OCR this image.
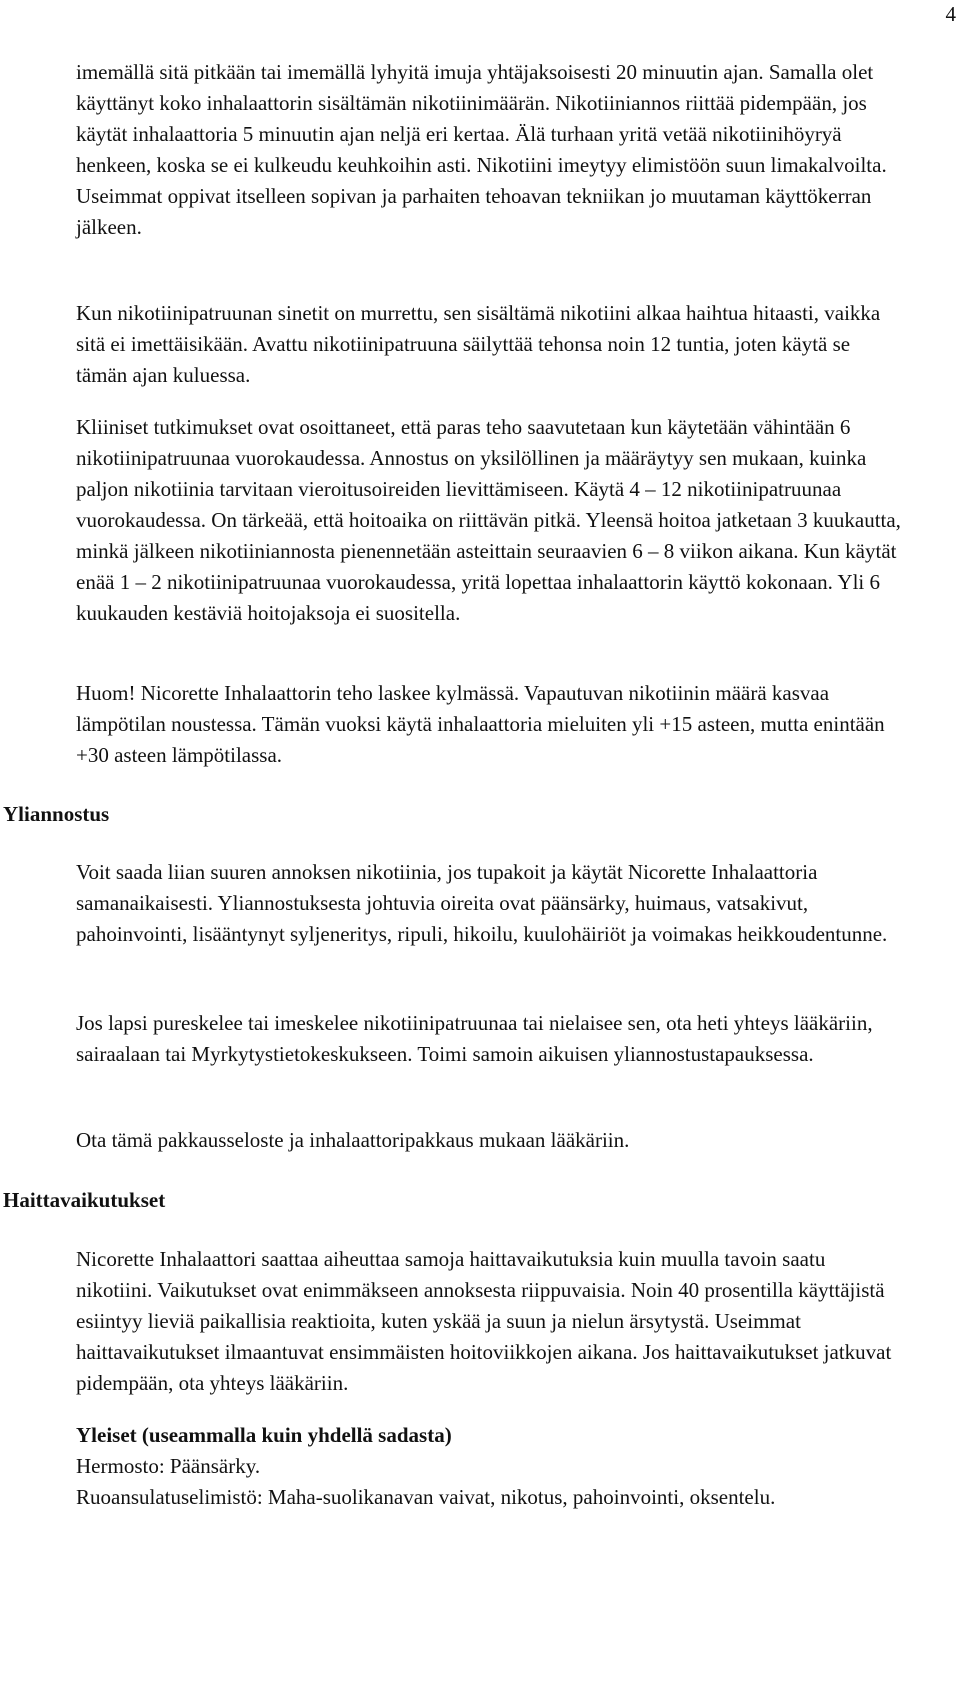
4

imemällä sitä pitkään tai imemällä lyhyitä imuja yhtäjaksoisesti 20 minuutin ajan. Samalla olet käyttänyt koko inhalaattorin sisältämän nikotiinimäärän. Nikotiiniannos riittää pidempään, jos käytät inhalaattoria 5 minuutin ajan neljä eri kertaa. Älä turhaan yritä vetää nikotiinihöyryä henkeen, koska se ei kulkeudu keuhkoihin asti. Nikotiini imeytyy elimistöön suun limakalvoilta. Useimmat oppivat itselleen sopivan ja parhaiten tehoavan tekniikan jo muutaman käyttökerran jälkeen.

Kun nikotiinipatruunan sinetit on murrettu, sen sisältämä nikotiini alkaa haihtua hitaasti, vaikka sitä ei imettäisikään. Avattu nikotiinipatruuna säilyttää tehonsa noin 12 tuntia, joten käytä se tämän ajan kuluessa.

Kliiniset tutkimukset ovat osoittaneet, että paras teho saavutetaan kun käytetään vähintään 6 nikotiinipatruunaa vuorokaudessa. Annostus on yksilöllinen ja määräytyy sen mukaan, kuinka paljon nikotiinia tarvitaan vieroitusoireiden lievittämiseen. Käytä 4 – 12 nikotiinipatruunaa vuorokaudessa. On tärkeää, että hoitoaika on riittävän pitkä. Yleensä hoitoa jatketaan 3 kuukautta, minkä jälkeen nikotiiniannosta pienennetään asteittain seuraavien 6 – 8 viikon aikana. Kun käytät enää 1 – 2 nikotiinipatruunaa vuorokaudessa, yritä lopettaa inhalaattorin käyttö kokonaan. Yli 6 kuukauden kestäviä hoitojaksoja ei suositella.

Huom! Nicorette Inhalaattorin teho laskee kylmässä. Vapautuvan nikotiinin määrä kasvaa lämpötilan noustessa. Tämän vuoksi käytä inhalaattoria mieluiten yli +15 asteen, mutta enintään +30 asteen lämpötilassa.

Yliannostus

Voit saada liian suuren annoksen nikotiinia, jos tupakoit ja käytät Nicorette Inhalaattoria samanaikaisesti. Yliannostuksesta johtuvia oireita ovat päänsärky, huimaus, vatsakivut, pahoinvointi, lisääntynyt syljeneritys, ripuli, hikoilu, kuulohäiriöt ja voimakas heikkoudentunne.

Jos lapsi pureskelee tai imeskelee nikotiinipatruunaa tai nielaisee sen, ota heti yhteys lääkäriin, sairaalaan tai Myrkytystietokeskukseen. Toimi samoin aikuisen yliannostustapauksessa.

Ota tämä pakkausseloste ja inhalaattoripakkaus mukaan lääkäriin.

Haittavaikutukset

Nicorette Inhalaattori saattaa aiheuttaa samoja haittavaikutuksia kuin muulla tavoin saatu nikotiini. Vaikutukset ovat enimmäkseen annoksesta riippuvaisia. Noin 40 prosentilla käyttäjistä esiintyy lieviä paikallisia reaktioita, kuten yskää ja suun ja nielun ärsytystä. Useimmat haittavaikutukset ilmaantuvat ensimmäisten hoitoviikkojen aikana. Jos haittavaikutukset jatkuvat pidempään, ota yhteys lääkäriin.

Yleiset (useammalla kuin yhdellä sadasta)

Hermosto: Päänsärky.

Ruoansulatuselimistö: Maha-suolikanavan vaivat, nikotus, pahoinvointi, oksentelu.
